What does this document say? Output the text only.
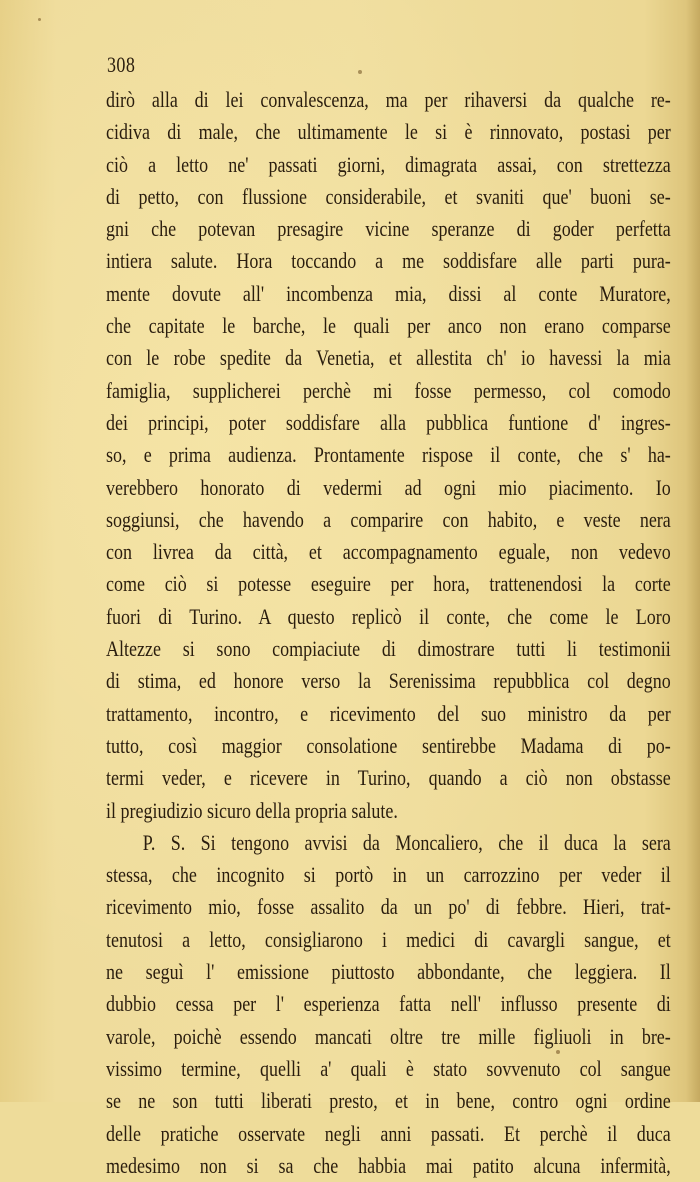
308
dirò alla di lei convalescenza, ma per rihaversi da qualche re-
cidiva di male, che ultimamente le si è rinnovato, postasi per
ciò a letto ne' passati giorni, dimagrata assai, con strettezza
di petto, con flussione considerabile, et svaniti que' buoni se-
gni che potevan presagire vicine speranze di goder perfetta
intiera salute. Hora toccando a me soddisfare alle parti pura-
mente dovute all' incombenza mia, dissi al conte Muratore,
che capitate le barche, le quali per anco non erano comparse
con le robe spedite da Venetia, et allestita ch' io havessi la mia
famiglia, supplicherei perchè mi fosse permesso, col comodo
dei principi, poter soddisfare alla pubblica funtione d' ingres-
so, e prima audienza. Prontamente rispose il conte, che s' ha-
verebbero honorato di vedermi ad ogni mio piacimento. Io
soggiunsi, che havendo a comparire con habito, e veste nera
con livrea da città, et accompagnamento eguale, non vedevo
come ciò si potesse eseguire per hora, trattenendosi la corte
fuori di Turino. A questo replicò il conte, che come le Loro
Altezze si sono compiaciute di dimostrare tutti li testimonii
di stima, ed honore verso la Serenissima repubblica col degno
trattamento, incontro, e ricevimento del suo ministro da per
tutto, così maggior consolatione sentirebbe Madama di po-
termi veder, e ricevere in Turino, quando a ciò non obstasse
il pregiudizio sicuro della propria salute.
P. S. Si tengono avvisi da Moncaliero, che il duca la sera
stessa, che incognito si portò in un carrozzino per veder il
ricevimento mio, fosse assalito da un po' di febbre. Hieri, trat-
tenutosi a letto, consigliarono i medici di cavargli sangue, et
ne seguì l' emissione piuttosto abbondante, che leggiera. Il
dubbio cessa per l' esperienza fatta nell' influsso presente di
varole, poichè essendo mancati oltre tre mille figliuoli in bre-
vissimo termine, quelli a' quali è stato sovvenuto col sangue
se ne son tutti liberati presto, et in bene, contro ogni ordine
delle pratiche osservate negli anni passati. Et perchè il duca
medesimo non si sa che habbia mai patito alcuna infermità,
